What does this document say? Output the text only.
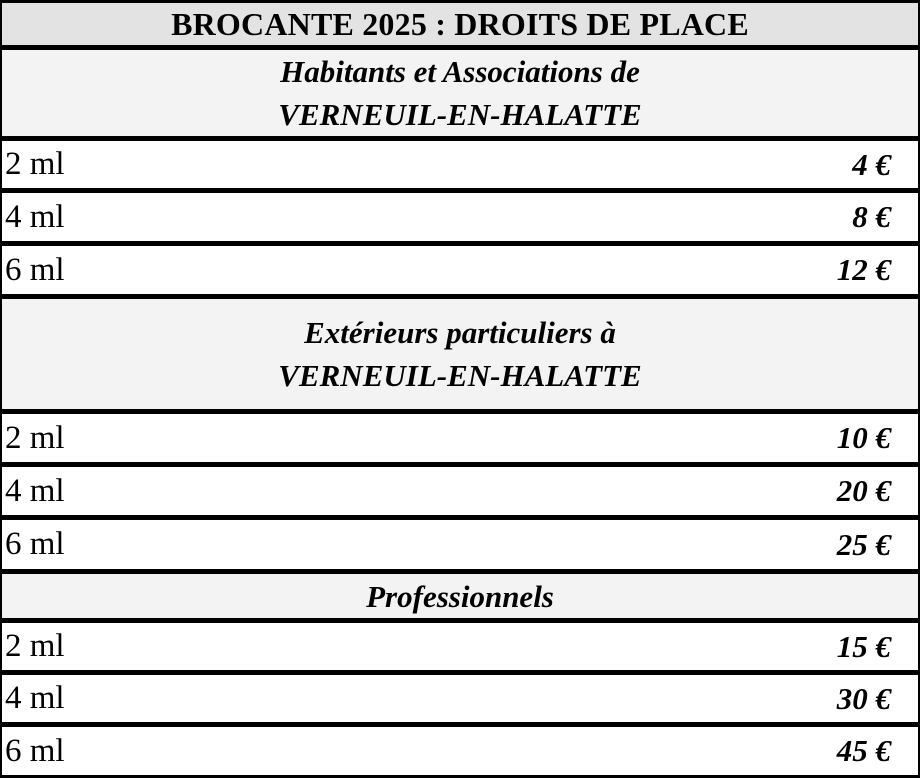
BROCANTE 2025 : DROITS DE PLACE
Habitants et Associations de
VERNEUIL-EN-HALATTE
2 ml	4 €
4 ml	8 €
6 ml	12 €
Extérieurs particuliers à
VERNEUIL-EN-HALATTE
2 ml	10 €
4 ml	20 €
6 ml	25 €
Professionnels
2 ml	15 €
4 ml	30 €
6 ml	45 €
